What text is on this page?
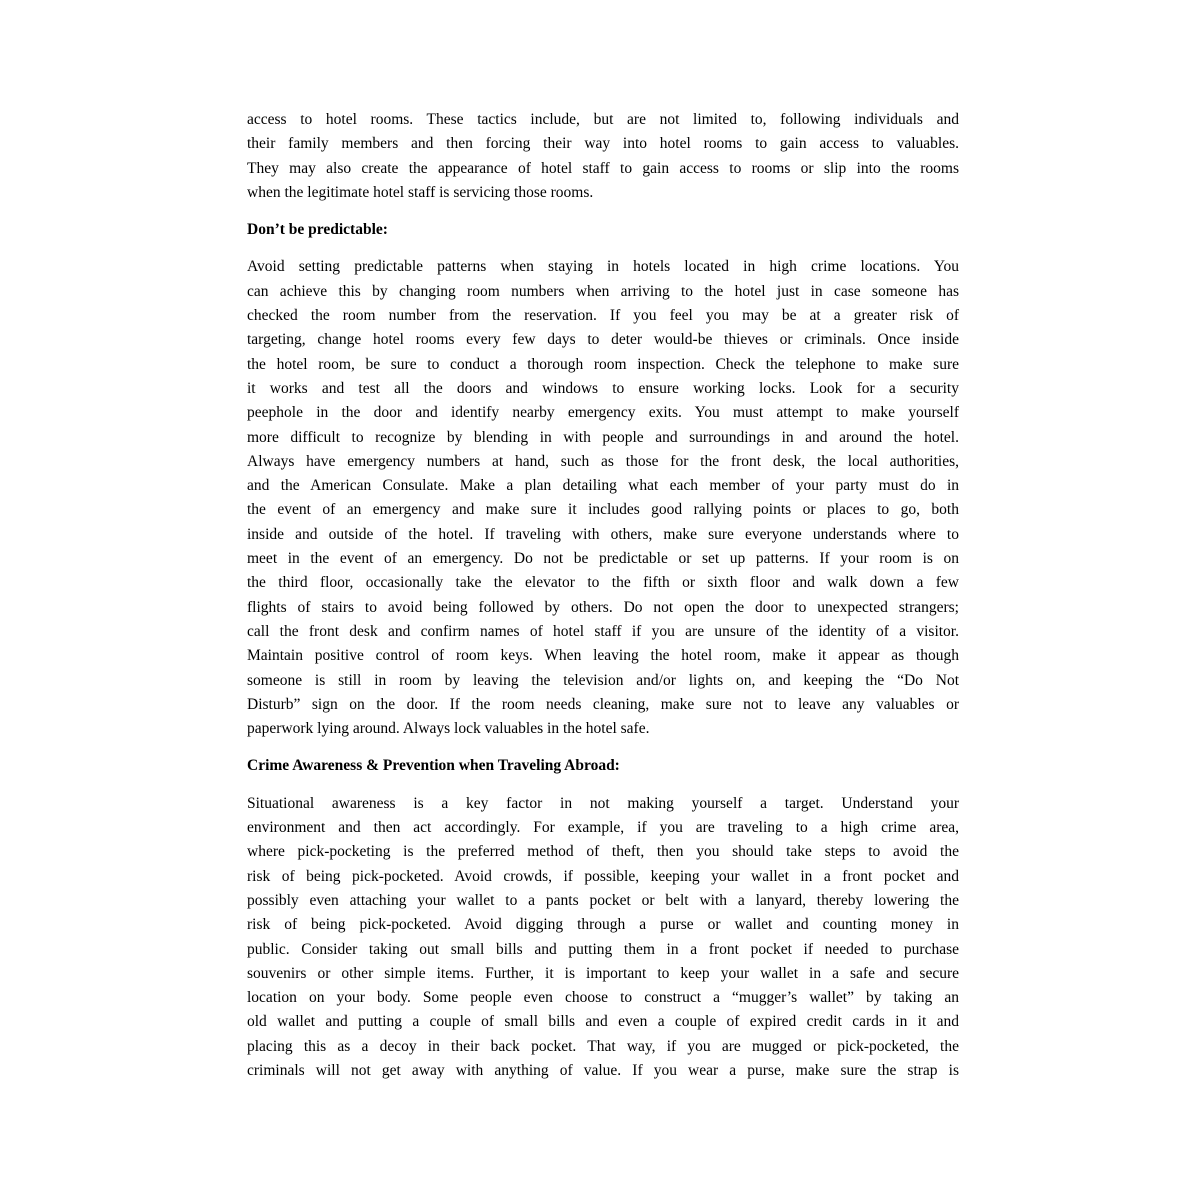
access to hotel rooms. These tactics include, but are not limited to, following individuals and
their family members and then forcing their way into hotel rooms to gain access to valuables.
They may also create the appearance of hotel staff to gain access to rooms or slip into the rooms
when the legitimate hotel staff is servicing those rooms.

Don’t be predictable:

Avoid setting predictable patterns when staying in hotels located in high crime locations. You
can achieve this by changing room numbers when arriving to the hotel just in case someone has
checked the room number from the reservation. If you feel you may be at a greater risk of
targeting, change hotel rooms every few days to deter would-be thieves or criminals. Once inside
the hotel room, be sure to conduct a thorough room inspection. Check the telephone to make sure
it works and test all the doors and windows to ensure working locks. Look for a security
peephole in the door and identify nearby emergency exits. You must attempt to make yourself
more difficult to recognize by blending in with people and surroundings in and around the hotel.
Always have emergency numbers at hand, such as those for the front desk, the local authorities,
and the American Consulate. Make a plan detailing what each member of your party must do in
the event of an emergency and make sure it includes good rallying points or places to go, both
inside and outside of the hotel. If traveling with others, make sure everyone understands where to
meet in the event of an emergency. Do not be predictable or set up patterns. If your room is on
the third floor, occasionally take the elevator to the fifth or sixth floor and walk down a few
flights of stairs to avoid being followed by others. Do not open the door to unexpected strangers;
call the front desk and confirm names of hotel staff if you are unsure of the identity of a visitor.
Maintain positive control of room keys. When leaving the hotel room, make it appear as though
someone is still in room by leaving the television and/or lights on, and keeping the “Do Not
Disturb” sign on the door. If the room needs cleaning, make sure not to leave any valuables or
paperwork lying around. Always lock valuables in the hotel safe.

Crime Awareness & Prevention when Traveling Abroad:

Situational awareness is a key factor in not making yourself a target. Understand your
environment and then act accordingly. For example, if you are traveling to a high crime area,
where pick-pocketing is the preferred method of theft, then you should take steps to avoid the
risk of being pick-pocketed. Avoid crowds, if possible, keeping your wallet in a front pocket and
possibly even attaching your wallet to a pants pocket or belt with a lanyard, thereby lowering the
risk of being pick-pocketed. Avoid digging through a purse or wallet and counting money in
public. Consider taking out small bills and putting them in a front pocket if needed to purchase
souvenirs or other simple items. Further, it is important to keep your wallet in a safe and secure
location on your body. Some people even choose to construct a “mugger’s wallet” by taking an
old wallet and putting a couple of small bills and even a couple of expired credit cards in it and
placing this as a decoy in their back pocket. That way, if you are mugged or pick-pocketed, the
criminals will not get away with anything of value. If you wear a purse, make sure the strap is
